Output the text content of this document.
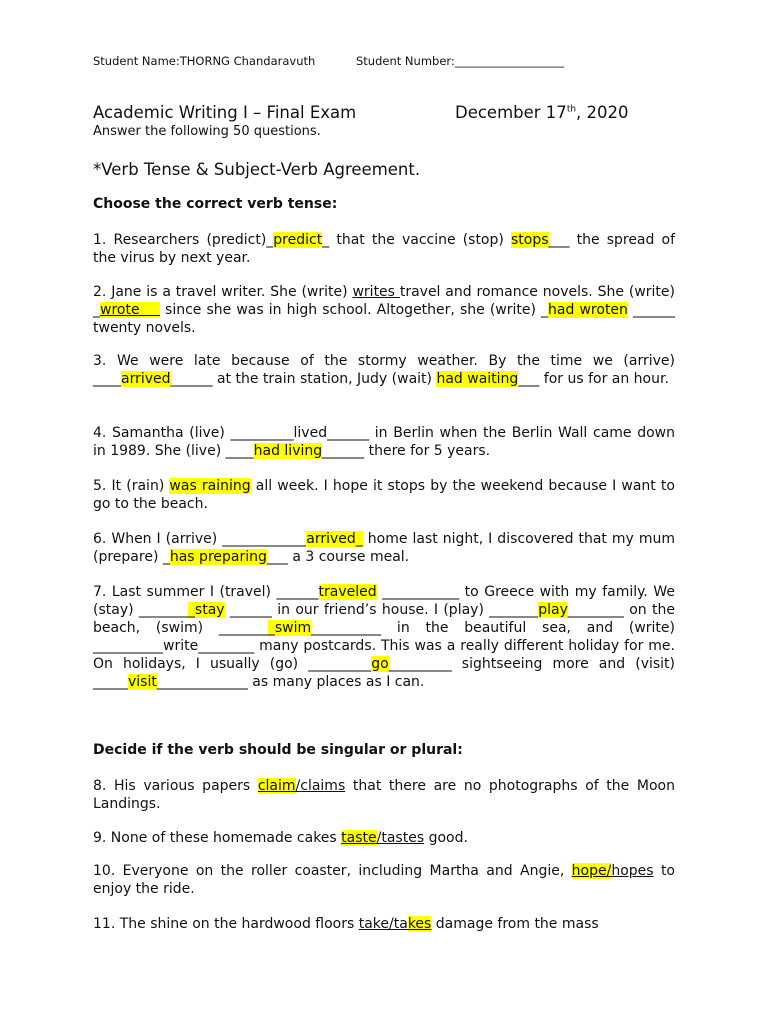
Student Name:THORNG Chandaravuth	Student Number:___________________
Academic Writing I – Final Exam	December 17th, 2020
Answer the following 50 questions.
*Verb Tense & Subject-Verb Agreement.
Choose the correct verb tense:
1. Researchers (predict)_predict_ that the vaccine (stop) stops___ the spread of the virus by next year.
2. Jane is a travel writer. She (write) writes travel and romance novels. She (write) _wrote     since she was in high school. Altogether, she (write) _had wroten ______ twenty novels.
3. We were late because of the stormy weather. By the time we (arrive) ____arrived______ at the train station, Judy (wait) had waiting___ for us for an hour.
4. Samantha (live) _________lived______ in Berlin when the Berlin Wall came down in 1989. She (live) ____had living______ there for 5 years.
5. It (rain) was raining all week. I hope it stops by the weekend because I want to go to the beach.
6. When I (arrive) ____________arrived_ home last night, I discovered that my mum (prepare) _has preparing___ a 3 course meal.
7. Last summer I (travel) ______traveled ___________ to Greece with my family. We (stay) ________stay ______ in our friend’s house. I (play) _______play________ on the beach, (swim) ________swim__________ in the beautiful sea, and (write) __________write________ many postcards. This was a really different holiday for me. On holidays, I usually (go) _________go_________ sightseeing more and (visit) _____visit_____________ as many places as I can.
Decide if the verb should be singular or plural:
8. His various papers claim/claims that there are no photographs of the Moon Landings.
9. None of these homemade cakes taste/tastes good.
10. Everyone on the roller coaster, including Martha and Angie, hope/hopes to enjoy the ride.
11. The shine on the hardwood floors take/takes damage from the mass
